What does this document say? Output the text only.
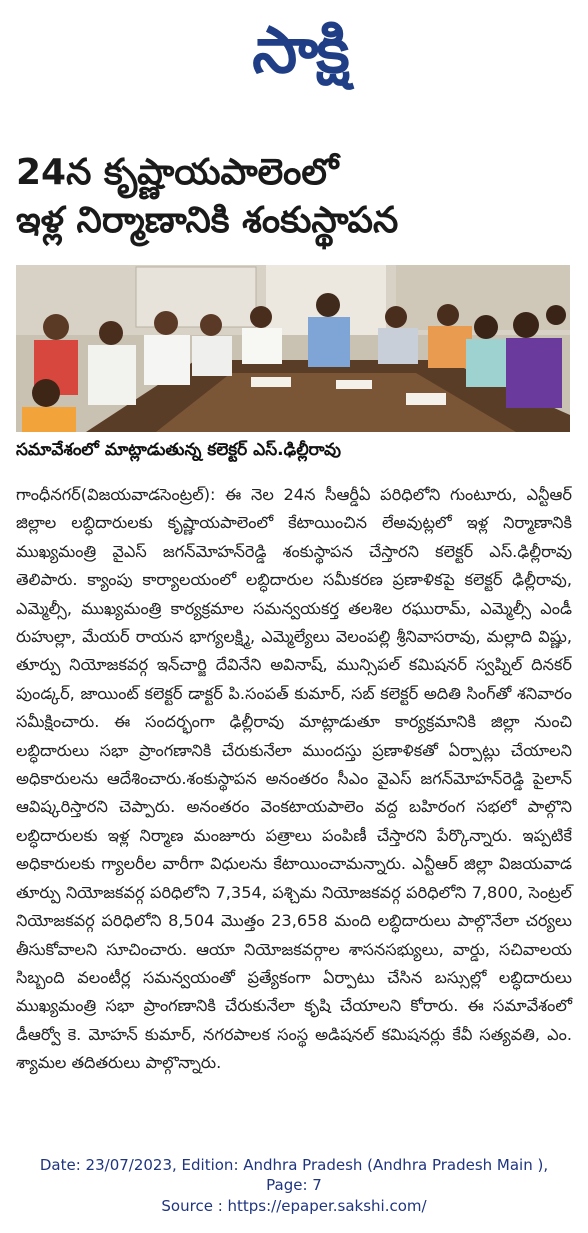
సాక్షి
24న కృష్ణాయపాలెంలో
ఇళ్ల నిర్మాణానికి శంకుస్థాపన
సమావేశంలో మాట్లాడుతున్న కలెక్టర్ ఎస్.ఢిల్లీరావు
గాంధీనగర్(విజయవాడసెంట్రల్): ఈ నెల 24న సీఆర్డీఏ పరిధిలోని గుంటూరు, ఎన్టీఆర్ జిల్లాల లబ్ధిదారులకు కృష్ణాయపాలెంలో కేటాయించిన లేఅవుట్లలో ఇళ్ల నిర్మాణానికి ముఖ్యమంత్రి వైఎస్ జగన్‌మోహన్‌రెడ్డి శంకుస్థాపన చేస్తారని కలెక్టర్ ఎస్.ఢిల్లీరావు తెలిపారు. క్యాంపు కార్యాలయంలో లబ్ధిదారుల సమీకరణ ప్రణాళికపై కలెక్టర్ ఢిల్లీరావు, ఎమ్మెల్సీ, ముఖ్యమంత్రి కార్యక్రమాల సమన్వయకర్త తలశిల రఘురామ్, ఎమ్మెల్సీ ఎండీ రుహుల్లా, మేయర్ రాయన భాగ్యలక్ష్మి, ఎమ్మెల్యేలు వెలంపల్లి శ్రీనివాసరావు, మల్లాది విష్ణు, తూర్పు నియోజకవర్గ ఇన్‌చార్జి దేవినేని అవినాష్, మున్సిపల్ కమిషనర్ స్వప్నిల్ దినకర్ పుండ్కర్, జాయింట్ కలెక్టర్ డాక్టర్ పి.సంపత్ కుమార్, సబ్ కలెక్టర్ అదితి సింగ్‌తో శనివారం సమీక్షించారు. ఈ సందర్భంగా ఢిల్లీరావు మాట్లాడుతూ కార్యక్రమానికి జిల్లా నుంచి లబ్ధిదారులు సభా ప్రాంగణానికి చేరుకునేలా ముందస్తు ప్రణాళికతో ఏర్పాట్లు చేయాలని అధికారులను ఆదేశించారు.శంకుస్థాపన అనంతరం సీఎం వైఎస్ జగన్‌మోహన్‌రెడ్డి పైలాన్ ఆవిష్కరిస్తారని చెప్పారు. అనంతరం వెంకటాయపాలెం వద్ద బహిరంగ సభలో పాల్గొని లబ్ధిదారులకు ఇళ్ల నిర్మాణ మంజూరు పత్రాలు పంపిణీ చేస్తారని పేర్కొన్నారు. ఇప్పటికే అధికారులకు గ్యాలరీల వారీగా విధులను కేటాయించామన్నారు. ఎన్టీఆర్ జిల్లా విజయవాడ తూర్పు నియోజకవర్గ పరిధిలోని 7,354, పశ్చిమ నియోజకవర్గ పరిధిలోని 7,800, సెంట్రల్ నియోజకవర్గ పరిధిలోని 8,504 మొత్తం 23,658 మంది లబ్ధిదారులు పాల్గొనేలా చర్యలు తీసుకోవాలని సూచించారు. ఆయా నియోజకవర్గాల శాసనసభ్యులు, వార్డు, సచివాలయ సిబ్బంది వలంటీర్ల సమన్వయంతో ప్రత్యేకంగా ఏర్పాటు చేసిన బస్సుల్లో లబ్ధిదారులు ముఖ్యమంత్రి సభా ప్రాంగణానికి చేరుకునేలా కృషి చేయాలని కోరారు. ఈ సమావేశంలో డీఆర్వో కె. మోహన్ కుమార్, నగరపాలక సంస్థ అడిషనల్ కమిషనర్లు కేవీ సత్యవతి, ఎం. శ్యామల తదితరులు పాల్గొన్నారు.
Date: 23/07/2023, Edition: Andhra Pradesh (Andhra Pradesh Main ),
Page: 7
Source : https://epaper.sakshi.com/
